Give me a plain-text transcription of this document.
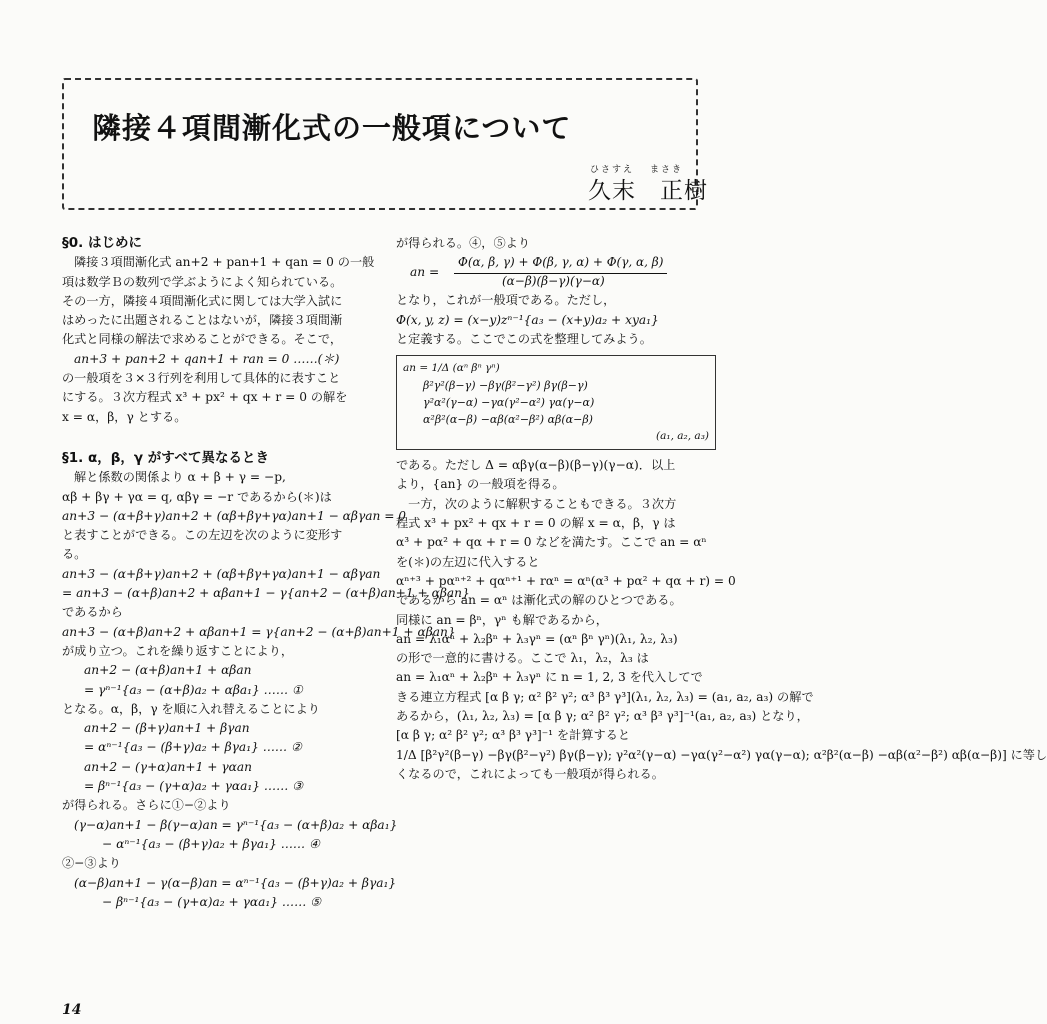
隣接４項間漸化式の一般項について
ひさすえ まさき
久末　正樹
§0. はじめに
隣接３項間漸化式 an+2 + pan+1 + qan = 0 の一般
項は数学Ｂの数列で学ぶようによく知られている。
その一方，隣接４項間漸化式に関しては大学入試に
はめったに出題されることはないが，隣接３項間漸
化式と同様の解法で求めることができる。そこで，
an+3 + pan+2 + qan+1 + ran = 0 ……(＊)
の一般項を３×３行列を利用して具体的に表すこと
にする。３次方程式 x³ + px² + qx + r = 0 の解を
x = α，β，γ とする。
§1. α，β，γ がすべて異なるとき
解と係数の関係より α + β + γ = −p,
αβ + βγ + γα = q, αβγ = −r であるから(＊)は
an+3 − (α+β+γ)an+2 + (αβ+βγ+γα)an+1 − αβγan = 0
と表すことができる。この左辺を次のように変形す
る。
an+3 − (α+β+γ)an+2 + (αβ+βγ+γα)an+1 − αβγan
= an+3 − (α+β)an+2 + αβan+1 − γ{an+2 − (α+β)an+1 + αβan}
であるから
an+3 − (α+β)an+2 + αβan+1 = γ{an+2 − (α+β)an+1 + αβan}
が成り立つ。これを繰り返すことにより，
an+2 − (α+β)an+1 + αβan
= γⁿ⁻¹{a₃ − (α+β)a₂ + αβa₁} …… ①
となる。α，β，γ を順に入れ替えることにより
an+2 − (β+γ)an+1 + βγan
= αⁿ⁻¹{a₃ − (β+γ)a₂ + βγa₁} …… ②
an+2 − (γ+α)an+1 + γαan
= βⁿ⁻¹{a₃ − (γ+α)a₂ + γαa₁} …… ③
が得られる。さらに①−②より
(γ−α)an+1 − β(γ−α)an = γⁿ⁻¹{a₃ − (α+β)a₂ + αβa₁}
− αⁿ⁻¹{a₃ − (β+γ)a₂ + βγa₁} …… ④
②−③より
(α−β)an+1 − γ(α−β)an = αⁿ⁻¹{a₃ − (β+γ)a₂ + βγa₁}
− βⁿ⁻¹{a₃ − (γ+α)a₂ + γαa₁} …… ⑤
が得られる。④，⑤より
an =
Φ(α, β, γ) + Φ(β, γ, α) + Φ(γ, α, β)
(α−β)(β−γ)(γ−α)
となり，これが一般項である。ただし，
Φ(x, y, z) = (x−y)zⁿ⁻¹{a₃ − (x+y)a₂ + xya₁}
と定義する。ここでこの式を整理してみよう。
an = 1/Δ (αⁿ βⁿ γⁿ)
β²γ²(β−γ) −βγ(β²−γ²) βγ(β−γ)
γ²α²(γ−α) −γα(γ²−α²) γα(γ−α)
α²β²(α−β) −αβ(α²−β²) αβ(α−β)
(a₁, a₂, a₃)
である。ただし Δ = αβγ(α−β)(β−γ)(γ−α)．以上
より，{an} の一般項を得る。
　一方，次のように解釈することもできる。３次方
程式 x³ + px² + qx + r = 0 の解 x = α，β，γ は
α³ + pα² + qα + r = 0 などを満たす。ここで an = αⁿ
を(＊)の左辺に代入すると
αⁿ⁺³ + pαⁿ⁺² + qαⁿ⁺¹ + rαⁿ = αⁿ(α³ + pα² + qα + r) = 0
であるから an = αⁿ は漸化式の解のひとつである。
同様に an = βⁿ，γⁿ も解であるから，
an = λ₁αⁿ + λ₂βⁿ + λ₃γⁿ = (αⁿ βⁿ γⁿ)(λ₁, λ₂, λ₃)
の形で一意的に書ける。ここで λ₁，λ₂，λ₃ は
an = λ₁αⁿ + λ₂βⁿ + λ₃γⁿ に n = 1, 2, 3 を代入してで
きる連立方程式 [α β γ; α² β² γ²; α³ β³ γ³](λ₁, λ₂, λ₃) = (a₁, a₂, a₃) の解で
あるから，(λ₁, λ₂, λ₃) = [α β γ; α² β² γ²; α³ β³ γ³]⁻¹(a₁, a₂, a₃) となり，
[α β γ; α² β² γ²; α³ β³ γ³]⁻¹ を計算すると
1/Δ [β²γ²(β−γ) −βγ(β²−γ²) βγ(β−γ); γ²α²(γ−α) −γα(γ²−α²) γα(γ−α); α²β²(α−β) −αβ(α²−β²) αβ(α−β)] に等し
くなるので，これによっても一般項が得られる。
14
